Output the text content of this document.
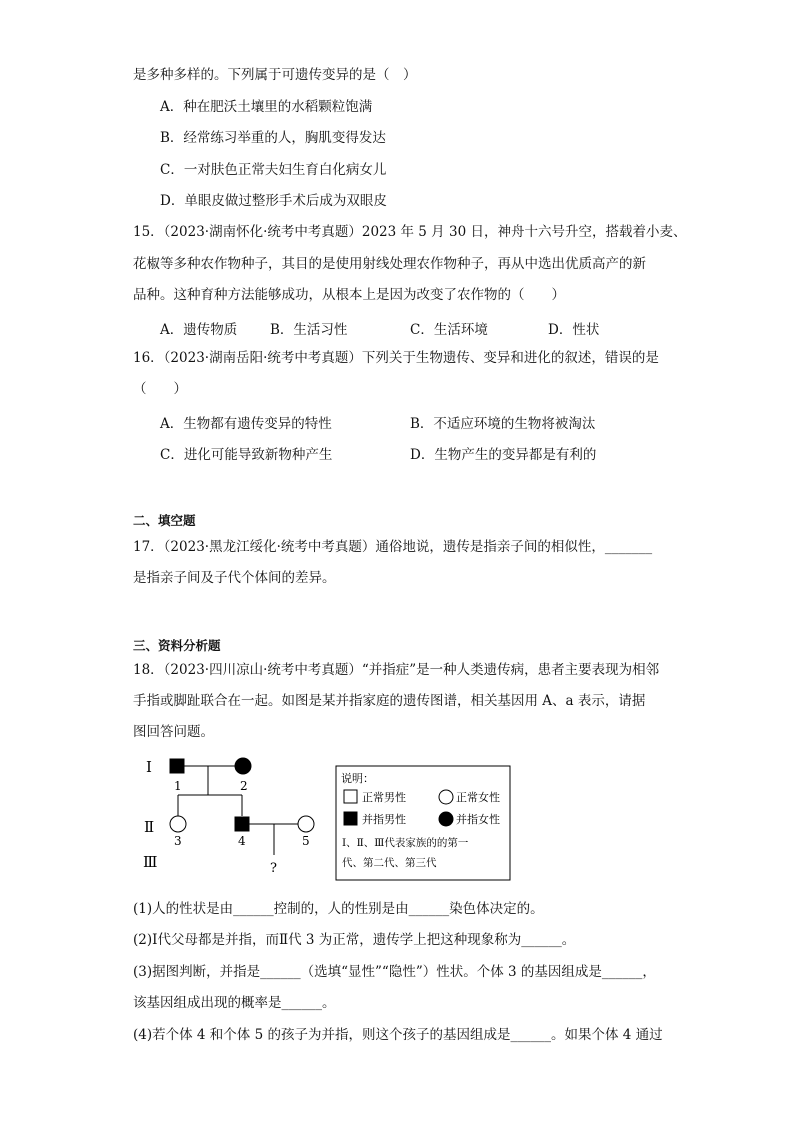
是多种多样的。下列属于可遗传变异的是（　）
A．种在肥沃土壤里的水稻颗粒饱满
B．经常练习举重的人，胸肌变得发达
C．一对肤色正常夫妇生育白化病女儿
D．单眼皮做过整形手术后成为双眼皮
15．（2023·湖南怀化·统考中考真题）2023 年 5 月 30 日，神舟十六号升空，搭载着小麦、
花椒等多种农作物种子，其目的是使用射线处理农作物种子，再从中选出优质高产的新
品种。这种育种方法能够成功，从根本上是因为改变了农作物的（　　）
A．遗传物质 B．生活习性	C．生活环境	D．性状
16．（2023·湖南岳阳·统考中考真题）下列关于生物遗传、变异和进化的叙述，错误的是
（　　）
A．生物都有遗传变异的特性	B．不适应环境的生物将被淘汰
C．进化可能导致新物种产生	D．生物产生的变异都是有利的
二、填空题
17．（2023·黑龙江绥化·统考中考真题）通俗地说，遗传是指亲子间的相似性，_______
是指亲子间及子代个体间的差异。
三、资料分析题
18．（2023·四川凉山·统考中考真题）“并指症”是一种人类遗传病，患者主要表现为相邻
手指或脚趾联合在一起。如图是某并指家庭的遗传图谱，相关基因用 A、a 表示，请据
图回答问题。
Ⅰ
Ⅱ
Ⅲ
1	2
3	4	5
?
说明：
正常男性	正常女性
并指男性	并指女性
Ⅰ、Ⅱ、Ⅲ代表家族的的第一
代、第二代、第三代
(1)人的性状是由______控制的，人的性别是由______染色体决定的。
(2)Ⅰ代父母都是并指，而Ⅱ代 3 为正常，遗传学上把这种现象称为______。
(3)据图判断，并指是______（选填“显性”“隐性”）性状。个体 3 的基因组成是______，
该基因组成出现的概率是______。
(4)若个体 4 和个体 5 的孩子为并指，则这个孩子的基因组成是______。如果个体 4 通过
